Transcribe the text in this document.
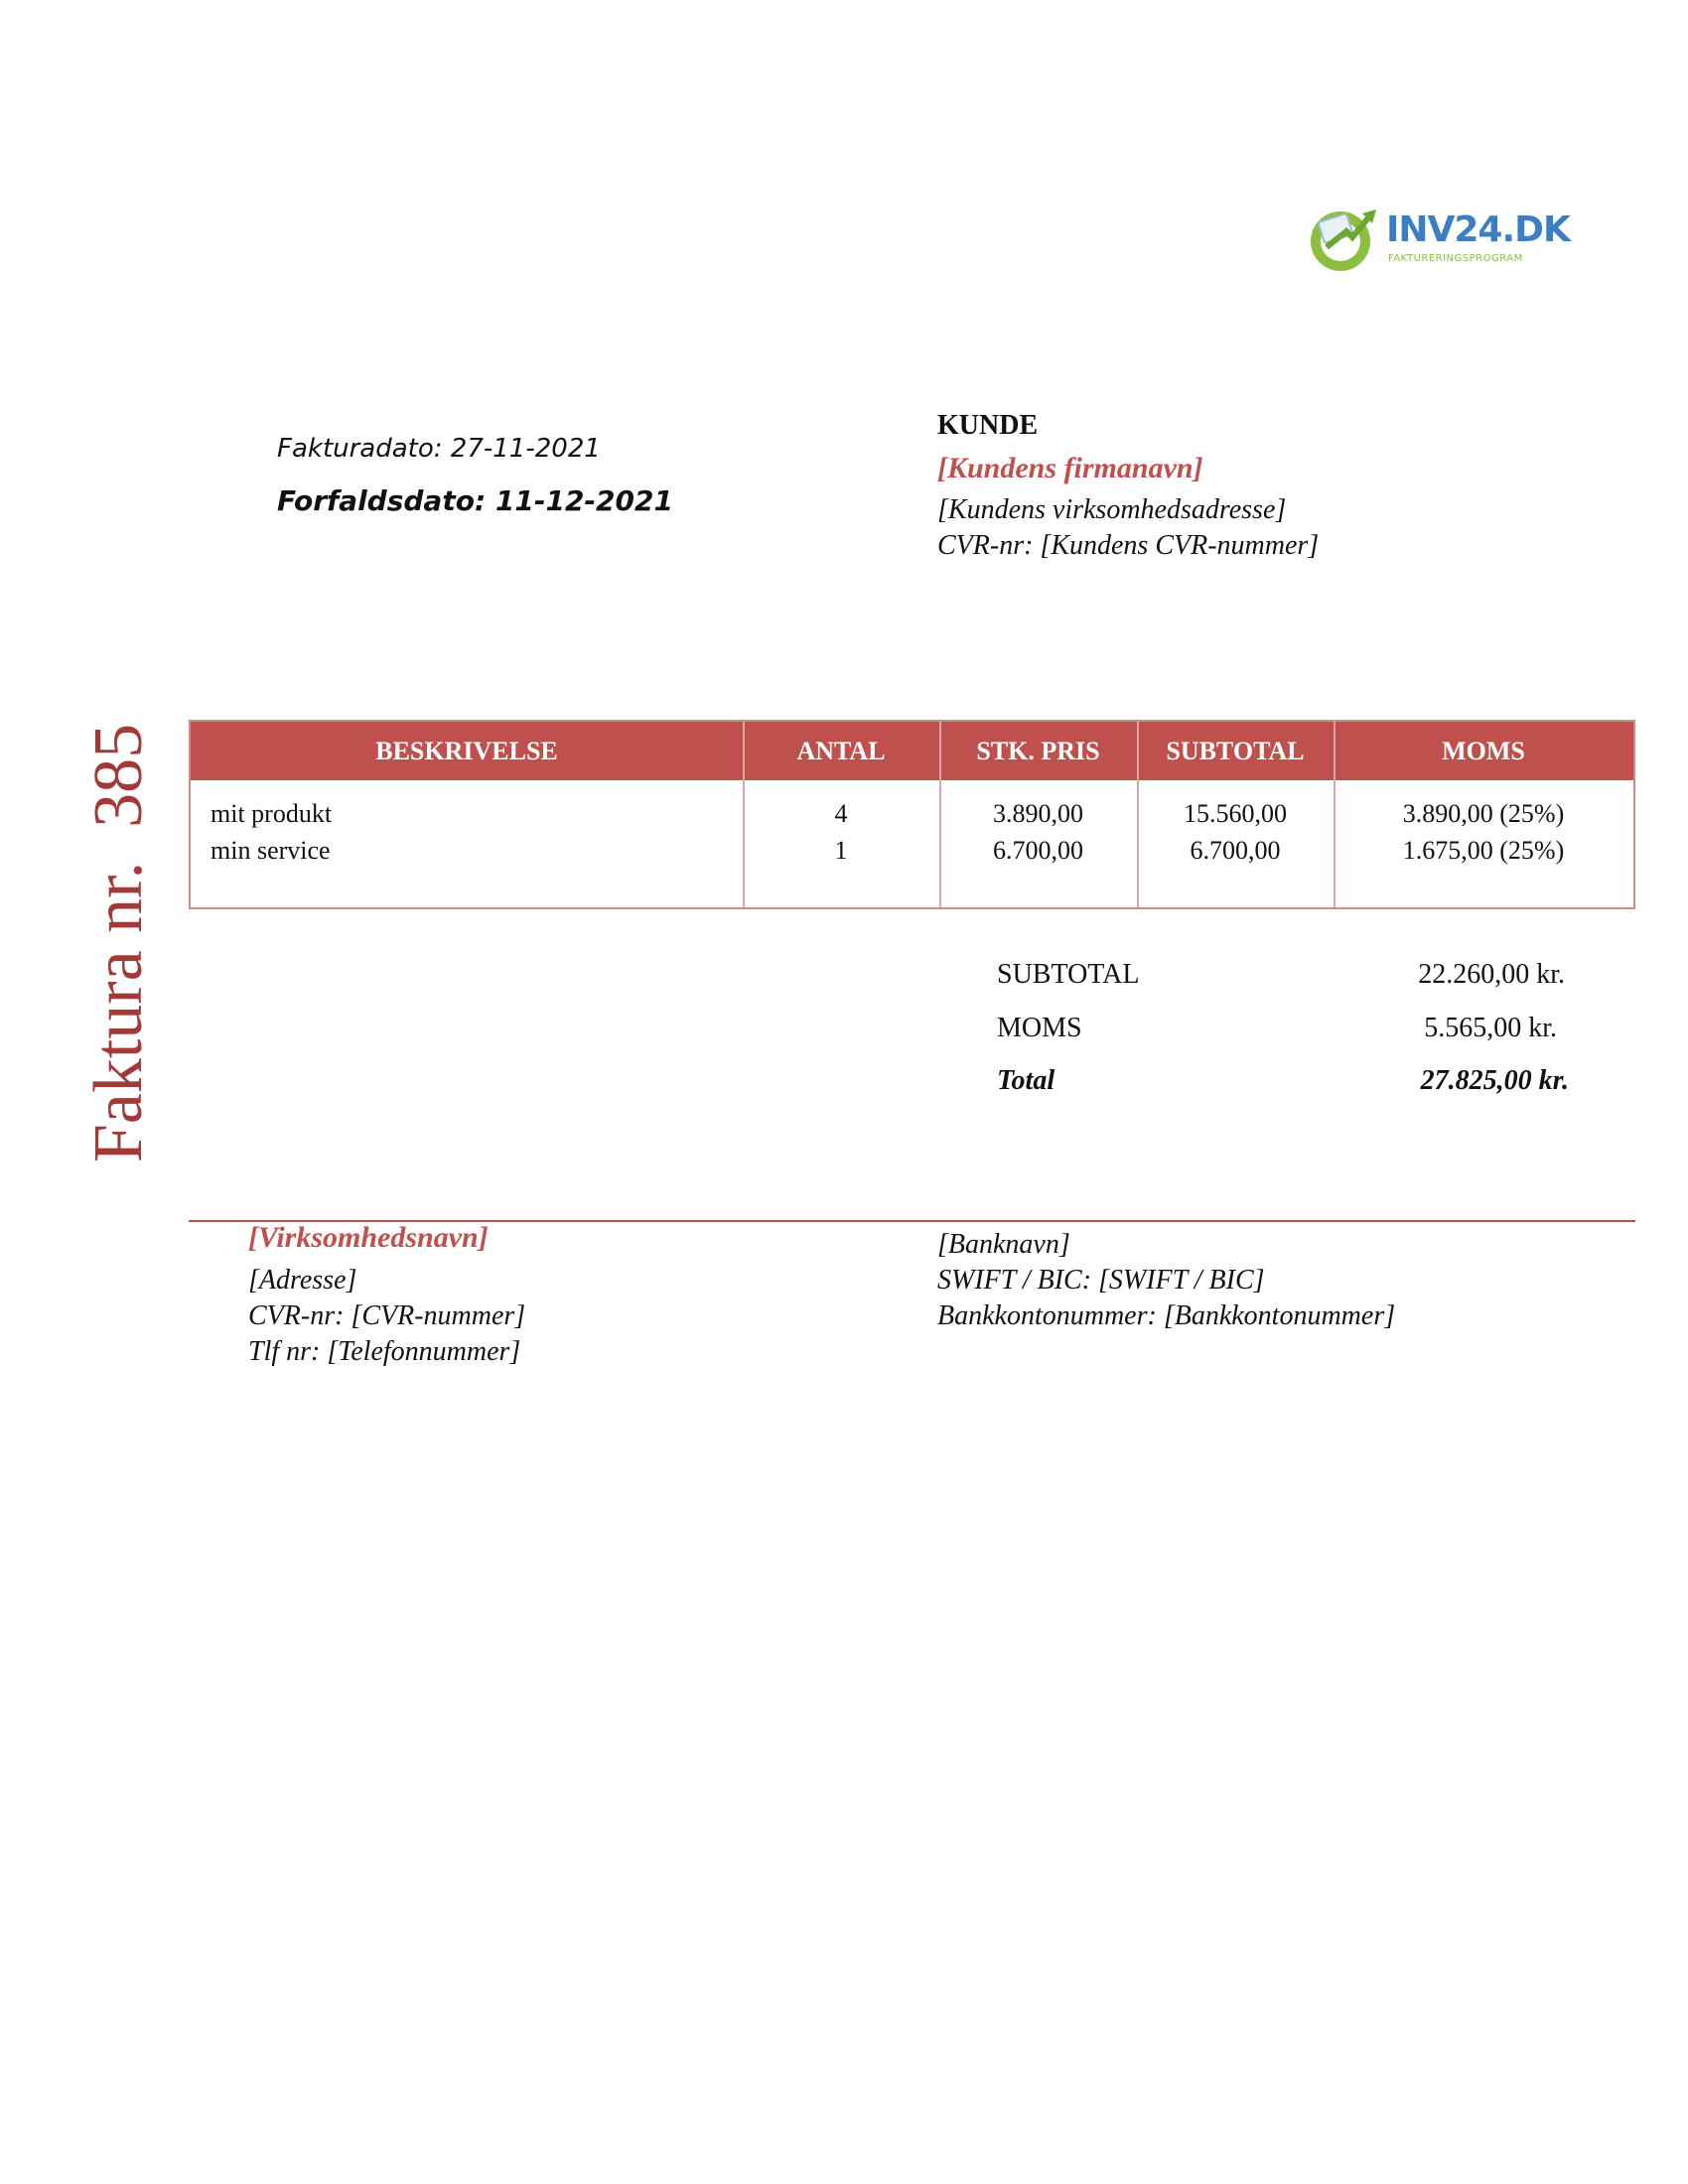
INV24.DK
FAKTURERINGSPROGRAM
Faktura nr.385
Fakturadato: 27-11-2021
Forfaldsdato: 11-12-2021
KUNDE
[Kundens firmanavn]
[Kundens virksomhedsadresse]
CVR-nr: [Kundens CVR-nummer]
BESKRIVELSE	ANTAL	STK. PRIS	SUBTOTAL	MOMS
mit produkt	4	3.890,00	15.560,00	3.890,00 (25%)
min service	1	6.700,00	6.700,00	1.675,00 (25%)
SUBTOTAL	22.260,00 kr.
MOMS	5.565,00 kr.
Total	27.825,00 kr.
[Virksomhedsnavn]
[Adresse]
CVR-nr: [CVR-nummer]
Tlf nr: [Telefonnummer]
[Banknavn]
SWIFT / BIC: [SWIFT / BIC]
Bankkontonummer: [Bankkontonummer]
